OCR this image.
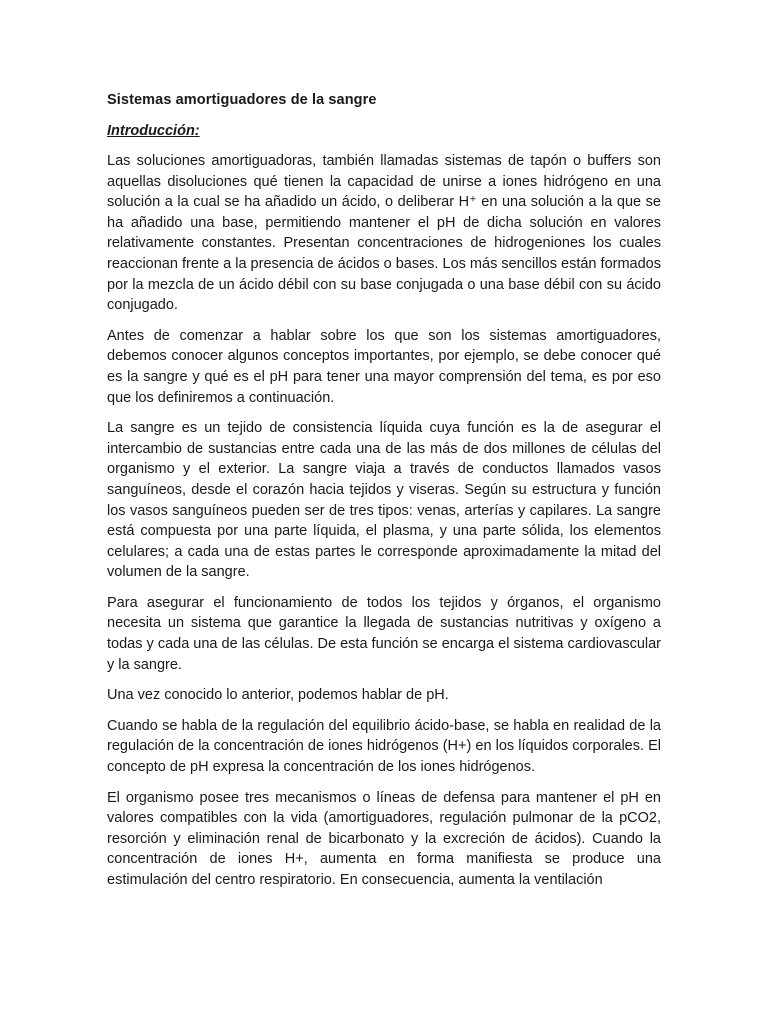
Sistemas amortiguadores de la sangre

Introducción:

Las soluciones amortiguadoras, también llamadas sistemas de tapón o buffers son aquellas disoluciones qué tienen la capacidad de unirse a iones hidrógeno en una solución a la cual se ha añadido un ácido, o deliberar H⁺ en una solución a la que se ha añadido una base, permitiendo mantener el pH de dicha solución en valores relativamente constantes. Presentan concentraciones de hidrogeniones los cuales reaccionan frente a la presencia de ácidos o bases. Los más sencillos están formados por la mezcla de un ácido débil con su base conjugada o una base débil con su ácido conjugado.

Antes de comenzar a hablar sobre los que son los sistemas amortiguadores, debemos conocer algunos conceptos importantes, por ejemplo, se debe conocer qué es la sangre y qué es el pH para tener una mayor comprensión del tema, es por eso que los definiremos a continuación.

La sangre es un tejido de consistencia líquida cuya función es la de asegurar el intercambio de sustancias entre cada una de las más de dos millones de células del organismo y el exterior. La sangre viaja a través de conductos llamados vasos sanguíneos, desde el corazón hacia tejidos y viseras. Según su estructura y función los vasos sanguíneos pueden ser de tres tipos: venas, arterías y capilares. La sangre está compuesta por una parte líquida, el plasma, y una parte sólida, los elementos celulares; a cada una de estas partes le corresponde aproximadamente la mitad del volumen de la sangre.

Para asegurar el funcionamiento de todos los tejidos y órganos, el organismo necesita un sistema que garantice la llegada de sustancias nutritivas y oxígeno a todas y cada una de las células. De esta función se encarga el sistema cardiovascular y la sangre.

Una vez conocido lo anterior, podemos hablar de pH.

Cuando se habla de la regulación del equilibrio ácido-base, se habla en realidad de la regulación de la concentración de iones hidrógenos (H+) en los líquidos corporales. El concepto de pH expresa la concentración de los iones hidrógenos.

El organismo posee tres mecanismos o líneas de defensa para mantener el pH en valores compatibles con la vida (amortiguadores, regulación pulmonar de la pCO2, resorción y eliminación renal de bicarbonato y la excreción de ácidos). Cuando la concentración de iones H+, aumenta en forma manifiesta se produce una estimulación del centro respiratorio. En consecuencia, aumenta la ventilación
